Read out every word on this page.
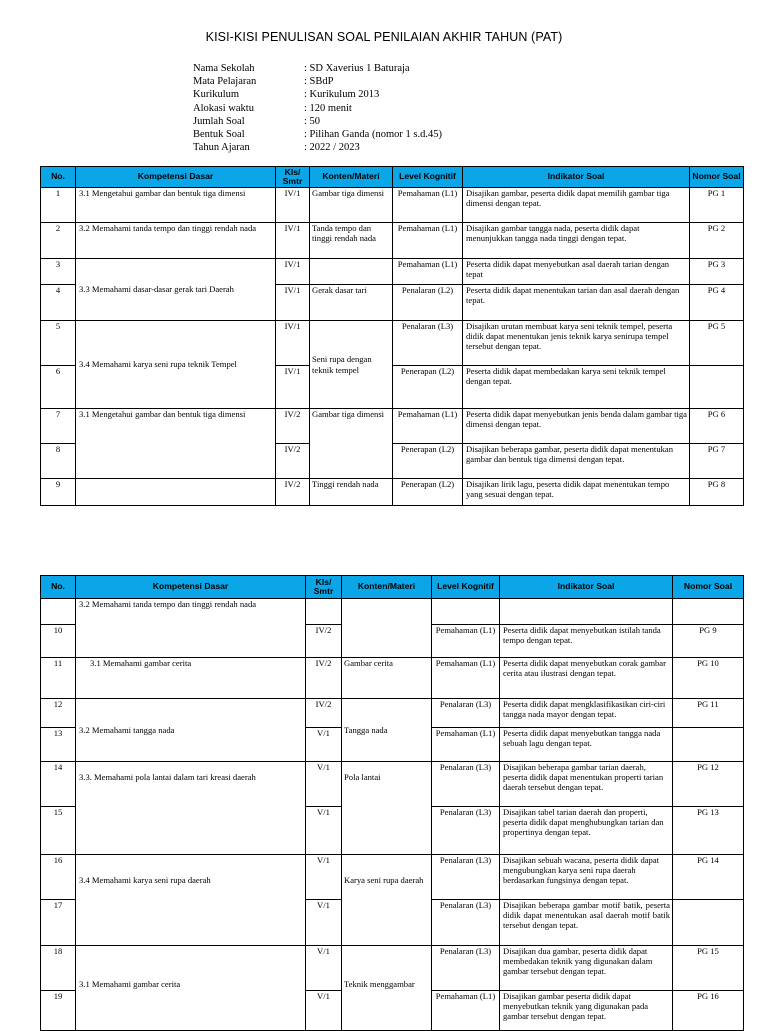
KISI-KISI PENULISAN SOAL PENILAIAN AKHIR TAHUN (PAT)
Nama Sekolah	: SD Xaverius 1 Baturaja
Mata Pelajaran	: SBdP
Kurikulum	: Kurikulum 2013
Alokasi waktu	: 120 menit
Jumlah Soal	: 50
Bentuk Soal	: Pilihan Ganda (nomor 1 s.d.45)
Tahun Ajaran	: 2022 / 2023
No.	Kompetensi Dasar	Kls/ Smtr	Konten/Materi	Level Kognitif	Indikator Soal	Nomor Soal
1	3.1 Mengetahui gambar dan bentuk tiga dimensi	IV/1	Gambar tiga dimensi	Pemahaman (L1)	Disajikan gambar, peserta didik dapat memilih gambar tiga dimensi dengan tepat.	PG 1
2	3.2 Memahami tanda tempo dan tinggi rendah nada	IV/1	Tanda tempo dan tinggi rendah nada	Pemahaman (L1)	Disajikan gambar tangga nada, peserta didik dapat menunjukkan tangga nada tinggi dengan tepat.	PG 2
3	3.3 Memahami dasar-dasar gerak tari Daerah	IV/1		Pemahaman (L1)	Peserta didik dapat menyebutkan asal daerah tarian dengan tepat	PG 3
4		IV/1	Gerak dasar tari	Penalaran (L2)	Peserta didik dapat menentukan tarian dan asal daerah dengan tepat.	PG 4
5	3.4 Memahami karya seni rupa teknik Tempel	IV/1	Seni rupa dengan teknik tempel	Penalaran (L3)	Disajikan urutan membuat karya seni teknik tempel, peserta didik dapat menentukan jenis teknik karya senirupa tempel tersebut dengan tepat.	PG 5
6		IV/1		Penerapan (L2)	Peserta didik dapat membedakan karya seni teknik tempel dengan tepat.	
7	3.1 Mengetahui gambar dan bentuk tiga dimensi	IV/2	Gambar tiga dimensi	Pemahaman (L1)	Peserta didik dapat menyebutkan jenis benda dalam gambar tiga dimensi dengan tepat.	PG 6
8		IV/2		Penerapan (L2)	Disajikan beberapa gambar, peserta didik dapat menentukan gambar dan bentuk tiga dimensi dengan tepat.	PG 7
9		IV/2	Tinggi rendah nada	Penerapan (L2)	Disajikan lirik lagu, peserta didik dapat menentukan tempo yang sesuai dengan tepat.	PG 8
No.	Kompetensi Dasar	Kls/ Smtr	Konten/Materi	Level Kognitif	Indikator Soal	Nomor Soal
	3.2 Memahami tanda tempo dan tinggi rendah nada					
10		IV/2		Pemahaman (L1)	Peserta didik dapat menyebutkan istilah tanda tempo dengan tepat.	PG 9
11	3.1 Memahami gambar cerita	IV/2	Gambar cerita	Pemahaman (L1)	Peserta didik dapat menyebutkan corak gambar cerita atau ilustrasi dengan tepat.	PG 10
12	3.2 Memahami tangga nada	IV/2	Tangga nada	Penalaran (L3)	Peserta didik dapat mengklasifikasikan ciri-ciri tangga nada mayor dengan tepat.	PG 11
13		V/1		Pemahaman (L1)	Peserta didik dapat menyebutkan tangga nada sebuah lagu dengan tepat.	
14	3.3. Memahami pola lantai dalam tari kreasi daerah	V/1	Pola lantai	Penalaran (L3)	Disajikan beberapa gambar tarian daerah, peserta didik dapat menentukan properti tarian daerah tersebut dengan tepat.	PG 12
15		V/1		Penalaran (L3)	Disajikan tabel tarian daerah dan properti, peserta didik dapat menghubungkan tarian dan propertinya dengan tepat.	PG 13
16	3.4 Memahami karya seni rupa daerah	V/1	Karya seni rupa daerah	Penalaran (L3)	Disajikan sebuah wacana, peserta didik dapat mengubungkan karya seni rupa daerah berdasarkan fungsinya dengan tepat.	PG 14
17		V/1		Penalaran (L3)	Disajikan beberapa gambar motif batik, peserta didik dapat menentukan asal daerah motif batik tersebut dengan tepat.	
18	3.1 Memahami gambar cerita	V/1	Teknik menggambar	Penalaran (L3)	Disajikan dua gambar, peserta didik dapat membedakan teknik yang digunakan dalam gambar tersebut dengan tepat.	PG 15
19		V/1		Pemahaman (L1)	Disajikan gambar peserta didik dapat menyebutkan teknik yang digunakan pada gambar tersebut dengan tepat.	PG 16
